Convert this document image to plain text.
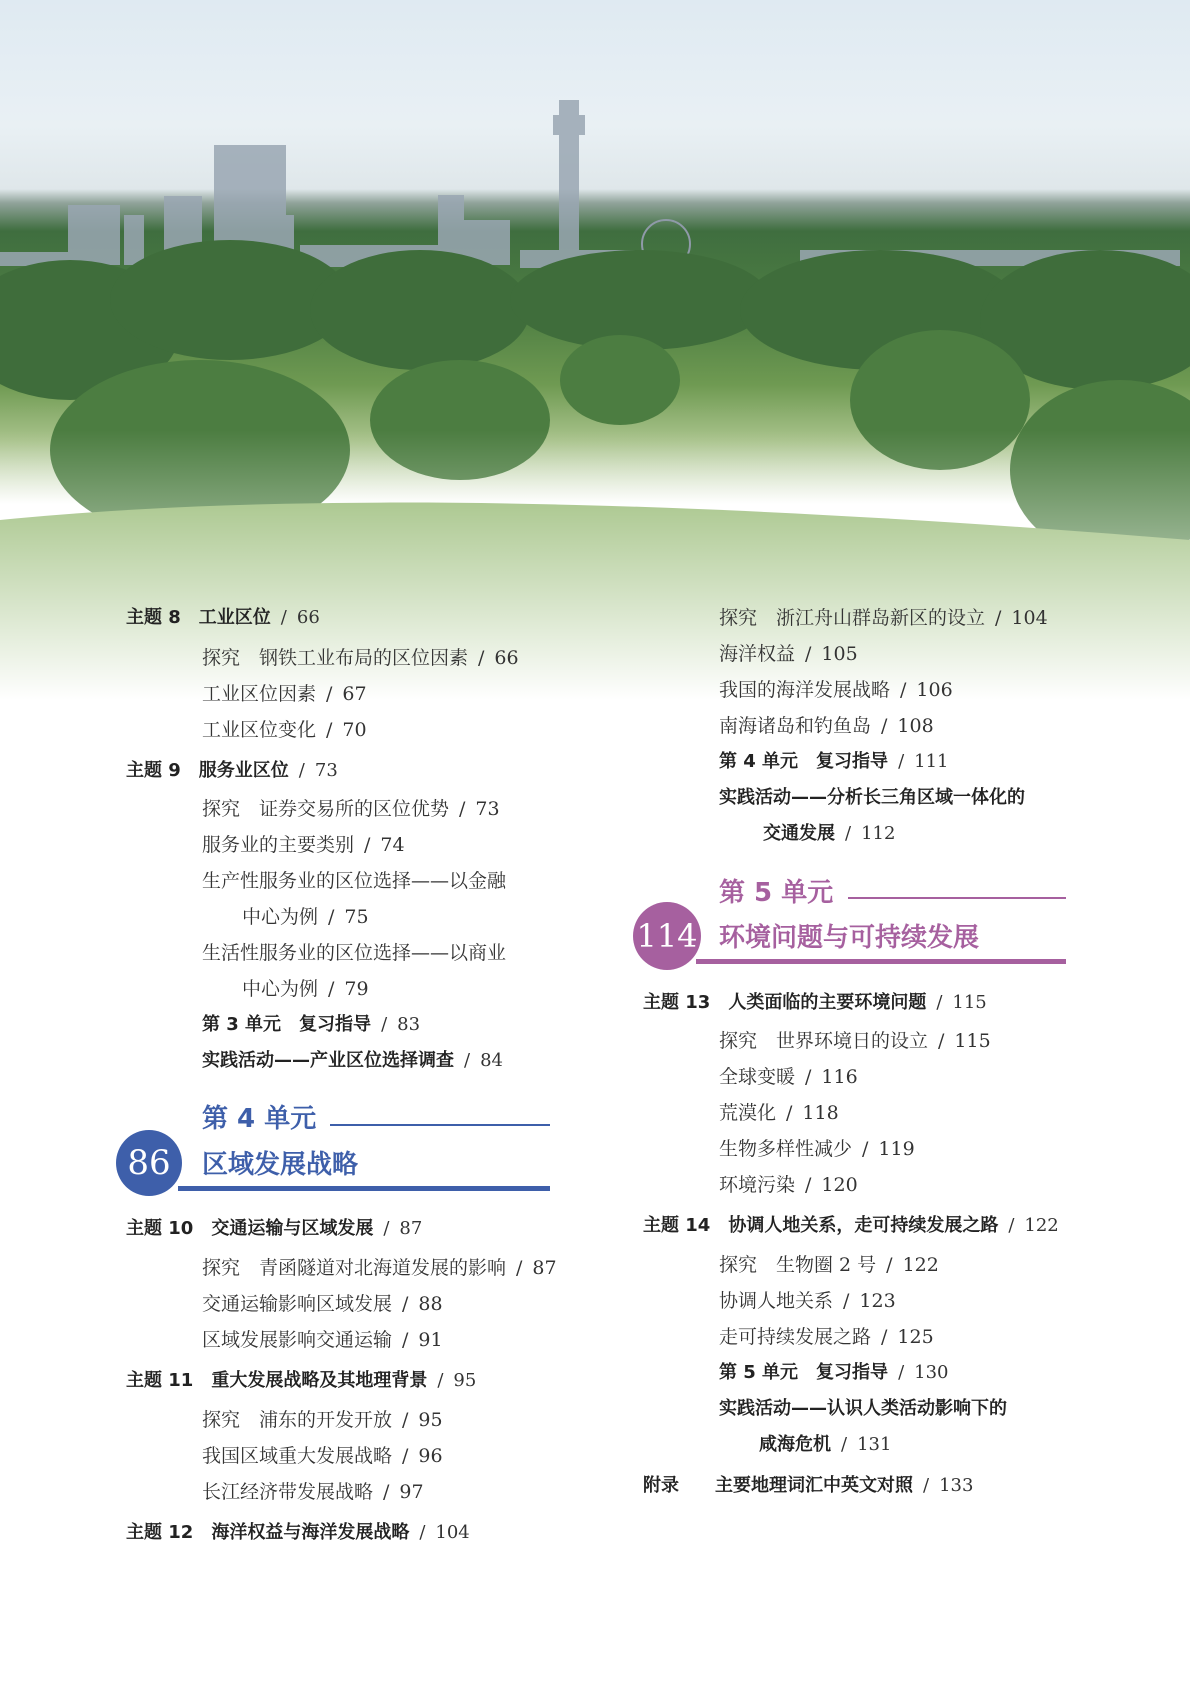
主题 8　工业区位 / 66
探究　钢铁工业布局的区位因素 / 66
工业区位因素 / 67
工业区位变化 / 70
主题 9　服务业区位 / 73
探究　证券交易所的区位优势 / 73
服务业的主要类别 / 74
生产性服务业的区位选择——以金融
中心为例 / 75
生活性服务业的区位选择——以商业
中心为例 / 79
第 3 单元　复习指导 / 83
实践活动——产业区位选择调查 / 84
第 4 单元
86	区域发展战略
主题 10　交通运输与区域发展 / 87
探究　青函隧道对北海道发展的影响 / 87
交通运输影响区域发展 / 88
区域发展影响交通运输 / 91
主题 11　重大发展战略及其地理背景 / 95
探究　浦东的开发开放 / 95
我国区域重大发展战略 / 96
长江经济带发展战略 / 97
主题 12　海洋权益与海洋发展战略 / 104
探究　浙江舟山群岛新区的设立 / 104
海洋权益 / 105
我国的海洋发展战略 / 106
南海诸岛和钓鱼岛 / 108
第 4 单元　复习指导 / 111
实践活动——分析长三角区域一体化的
交通发展 / 112
第 5 单元
114 环境问题与可持续发展
主题 13　人类面临的主要环境问题 / 115
探究　世界环境日的设立 / 115
全球变暖 / 116
荒漠化 / 118
生物多样性减少 / 119
环境污染 / 120
主题 14　协调人地关系，走可持续发展之路 / 122
探究　生物圈 2 号 / 122
协调人地关系 / 123
走可持续发展之路 / 125
第 5 单元　复习指导 / 130
实践活动——认识人类活动影响下的
咸海危机 / 131
附录　　主要地理词汇中英文对照 / 133
